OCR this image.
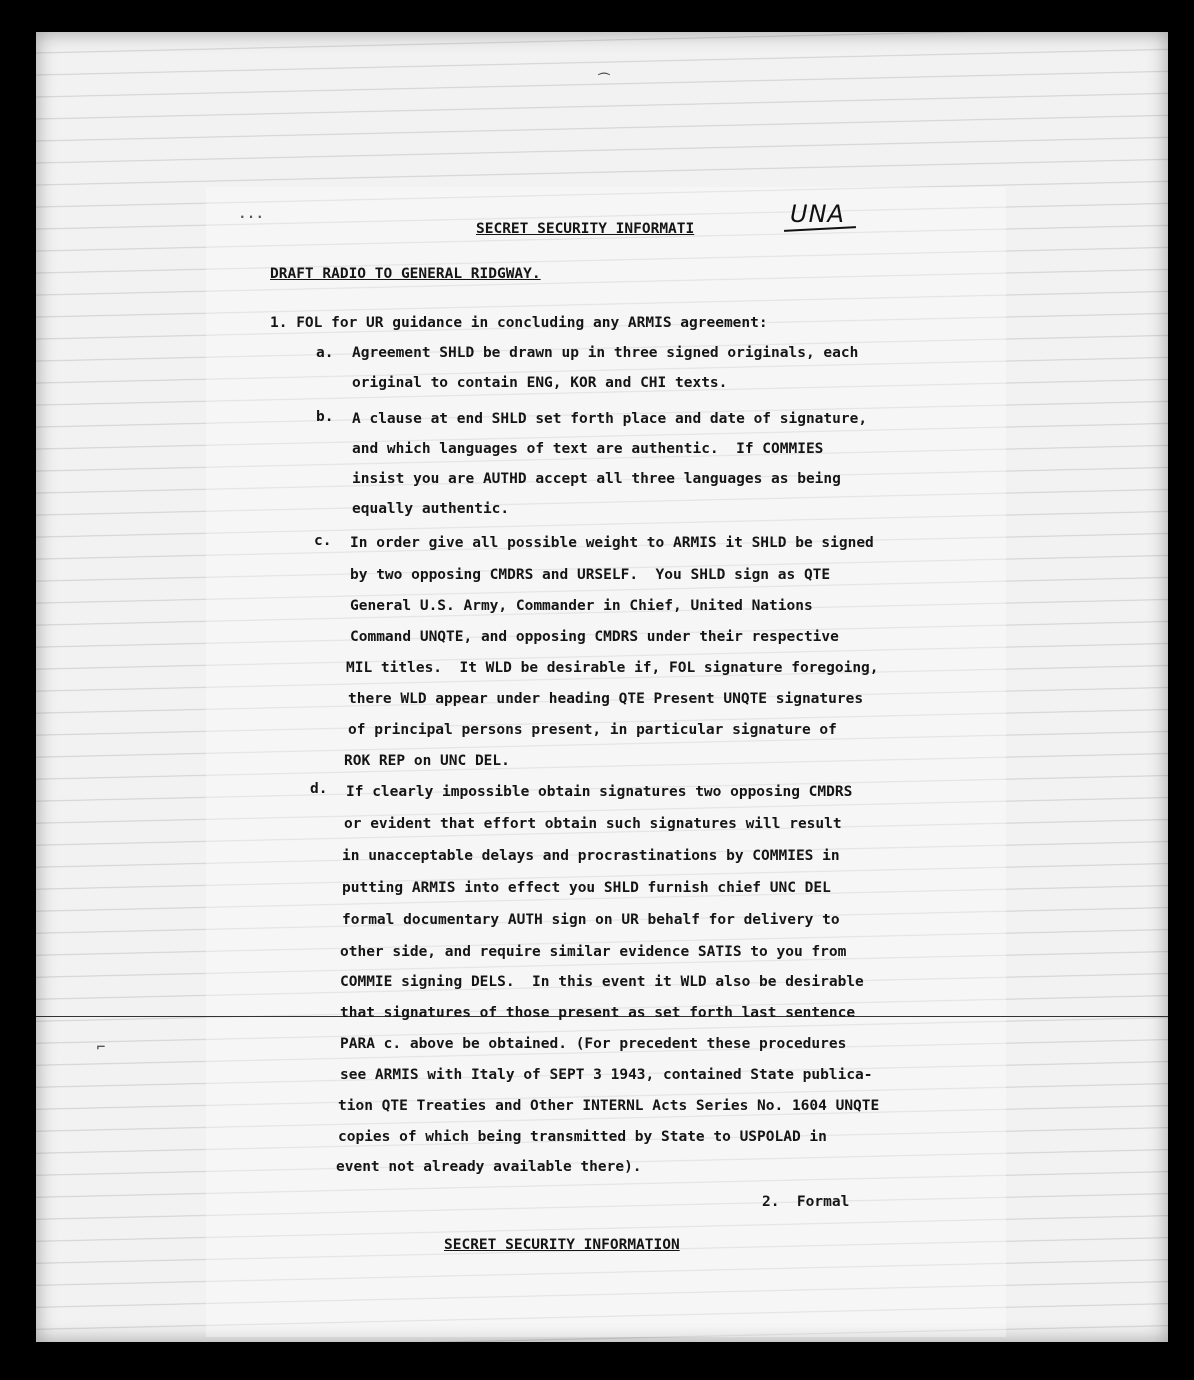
· · ·
⌒
SECRET SECURITY INFORMATI
UNA
DRAFT RADIO TO GENERAL RIDGWAY.
1. FOL for UR guidance in concluding any ARMIS agreement:
a. Agreement SHLD be drawn up in three signed originals, each
original to contain ENG, KOR and CHI texts.
b. A clause at end SHLD set forth place and date of signature,
and which languages of text are authentic.  If COMMIES
insist you are AUTHD accept all three languages as being
equally authentic.
c. In order give all possible weight to ARMIS it SHLD be signed
by two opposing CMDRS and URSELF.  You SHLD sign as QTE
General U.S. Army, Commander in Chief, United Nations
Command UNQTE, and opposing CMDRS under their respective
MIL titles.  It WLD be desirable if, FOL signature foregoing,
there WLD appear under heading QTE Present UNQTE signatures
of principal persons present, in particular signature of
ROK REP on UNC DEL.
d. If clearly impossible obtain signatures two opposing CMDRS
or evident that effort obtain such signatures will result
in unacceptable delays and procrastinations by COMMIES in
putting ARMIS into effect you SHLD furnish chief UNC DEL
formal documentary AUTH sign on UR behalf for delivery to
other side, and require similar evidence SATIS to you from
COMMIE signing DELS.  In this event it WLD also be desirable
that signatures of those present as set forth last sentence
PARA c. above be obtained. (For precedent these procedures
see ARMIS with Italy of SEPT 3 1943, contained State publica-
tion QTE Treaties and Other INTERNL Acts Series No. 1604 UNQTE
copies of which being transmitted by State to USPOLAD in
event not already available there).
2.  Formal
SECRET SECURITY INFORMATION
⌐
